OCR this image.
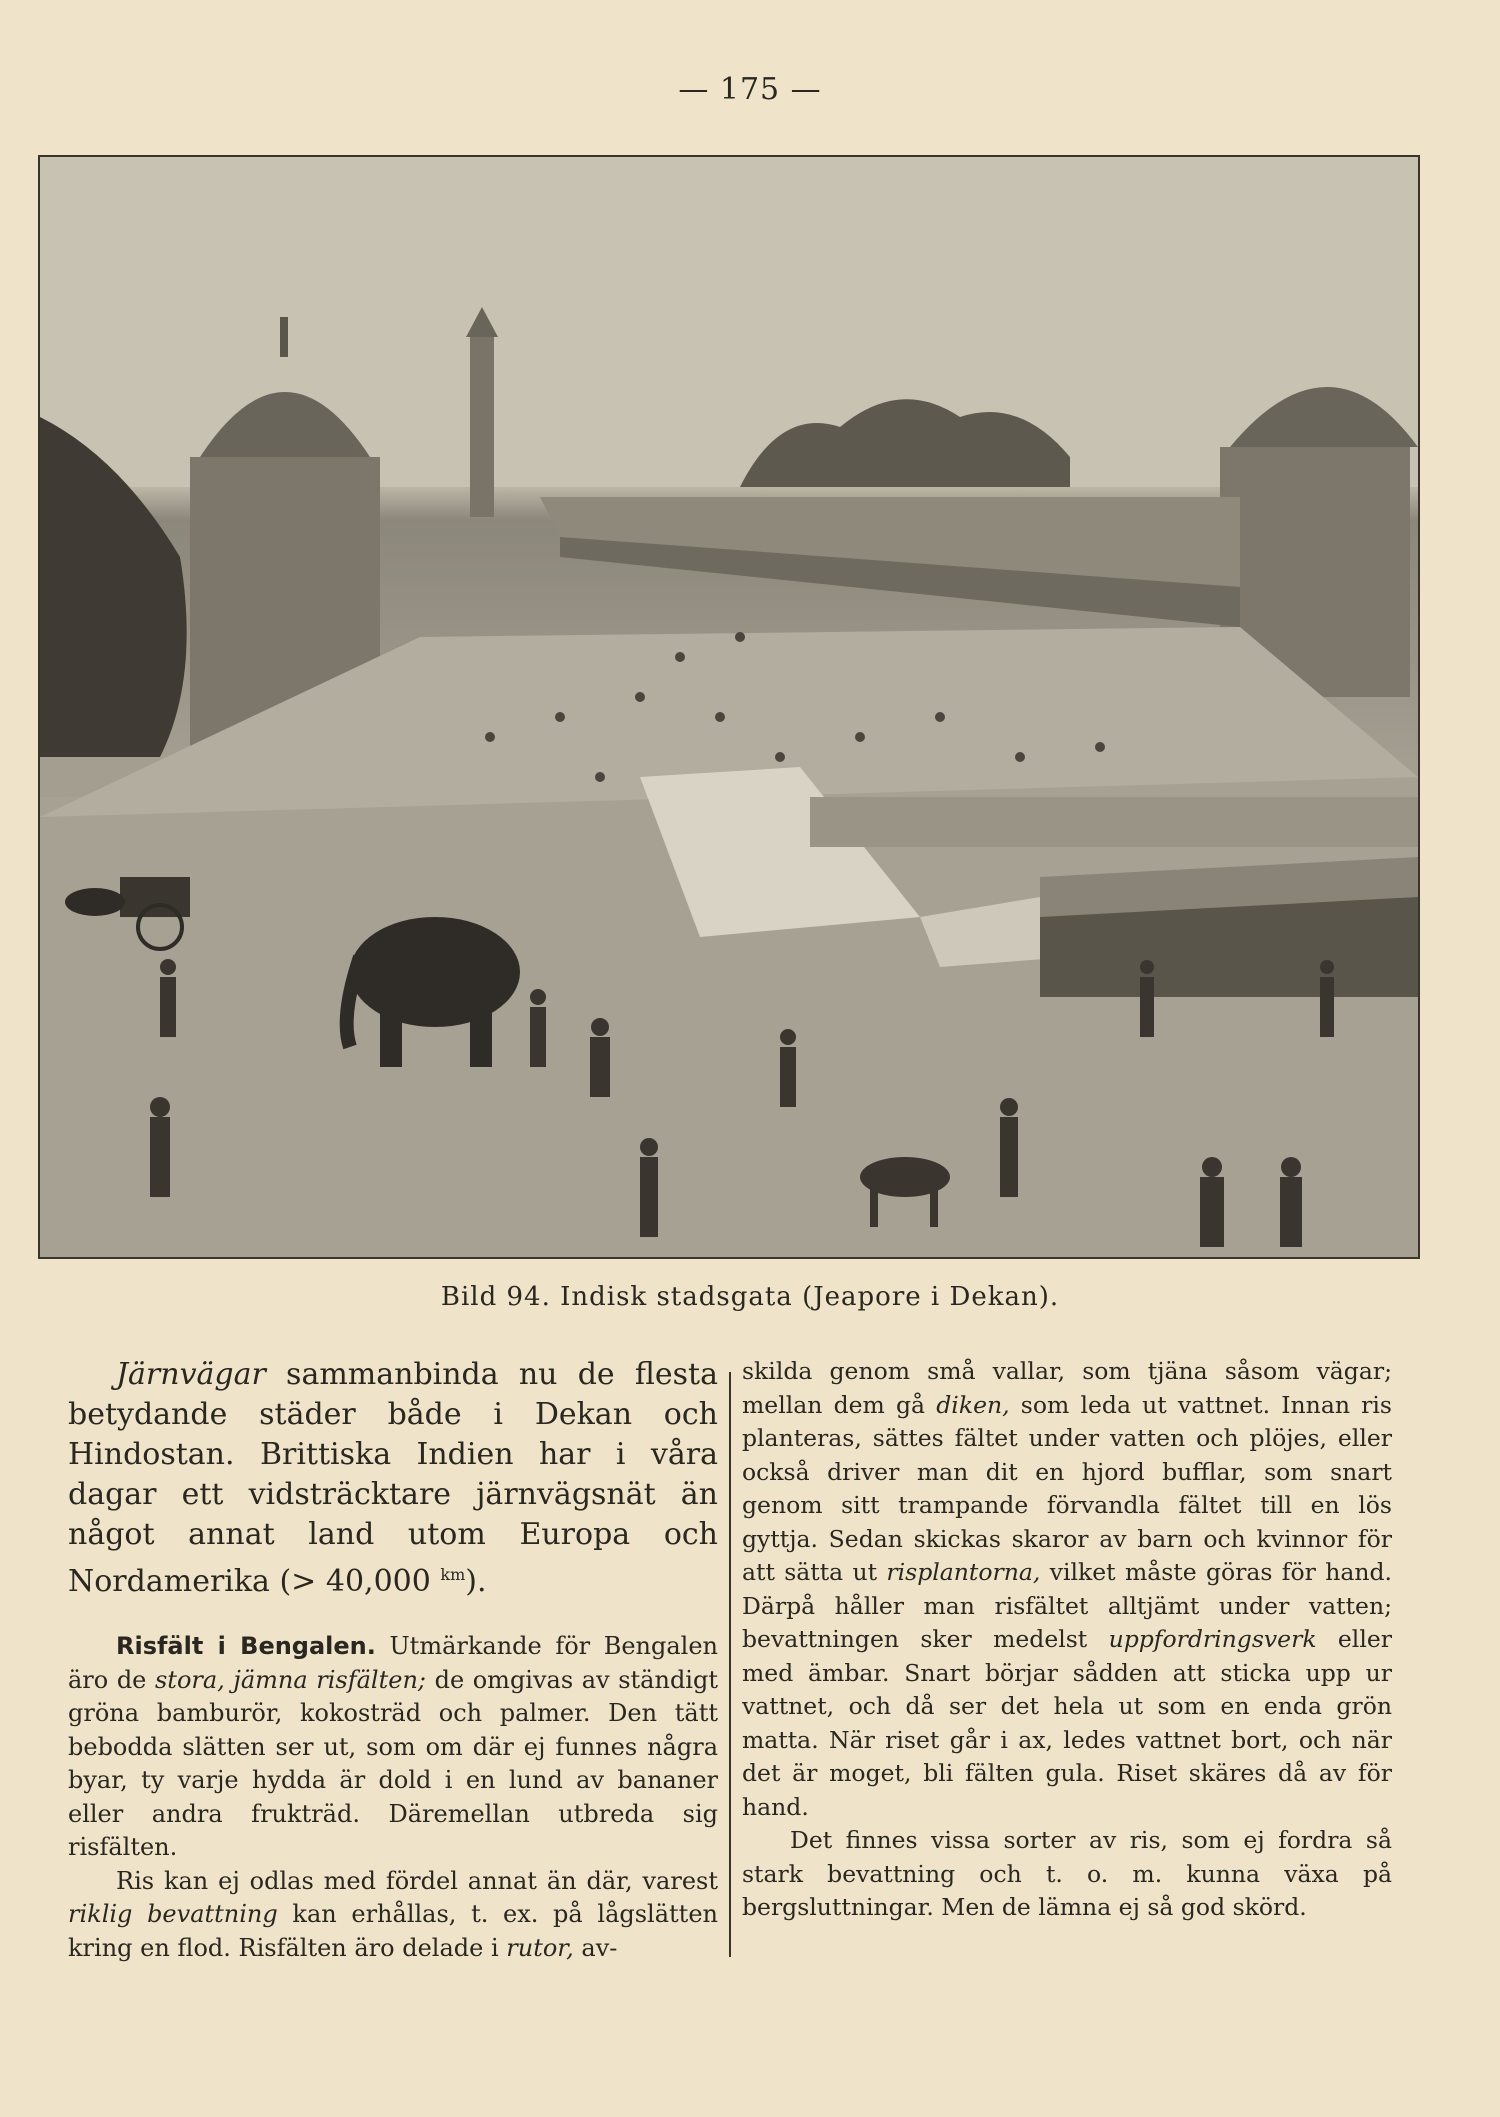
— 175 —
Bild 94. Indisk stadsgata (Jeapore i Dekan).

Järnvägar sammanbinda nu de flesta betydande städer både i Dekan och Hindostan. Brittiska Indien har i våra dagar ett vidsträcktare järnvägsnät än något annat land utom Europa och Nordamerika (> 40,000 $^{km}$).

Risfält i Bengalen. Utmärkande för Bengalen äro de stora, jämna risfälten; de omgivas av ständigt gröna bamburör, kokosträd och palmer. Den tätt bebodda slätten ser ut, som om där ej funnes några byar, ty varje hydda är dold i en lund av bananer eller andra frukträd. Däremellan utbreda sig risfälten.

Ris kan ej odlas med fördel annat än där, varest riklig bevattning kan erhållas, t. ex. på lågslätten kring en flod. Risfälten äro delade i rutor, av-

skilda genom små vallar, som tjäna såsom vägar; mellan dem gå diken, som leda ut vattnet. Innan ris planteras, sättes fältet under vatten och plöjes, eller också driver man dit en hjord bufflar, som snart genom sitt trampande förvandla fältet till en lös gyttja. Sedan skickas skaror av barn och kvinnor för att sätta ut risplantorna, vilket måste göras för hand. Därpå håller man risfältet alltjämt under vatten; bevattningen sker medelst uppfordringsverk eller med ämbar. Snart börjar sådden att sticka upp ur vattnet, och då ser det hela ut som en enda grön matta. När riset går i ax, ledes vattnet bort, och när det är moget, bli fälten gula. Riset skäres då av för hand.

Det finnes vissa sorter av ris, som ej fordra så stark bevattning och t. o. m. kunna växa på bergsluttningar. Men de lämna ej så god skörd.
